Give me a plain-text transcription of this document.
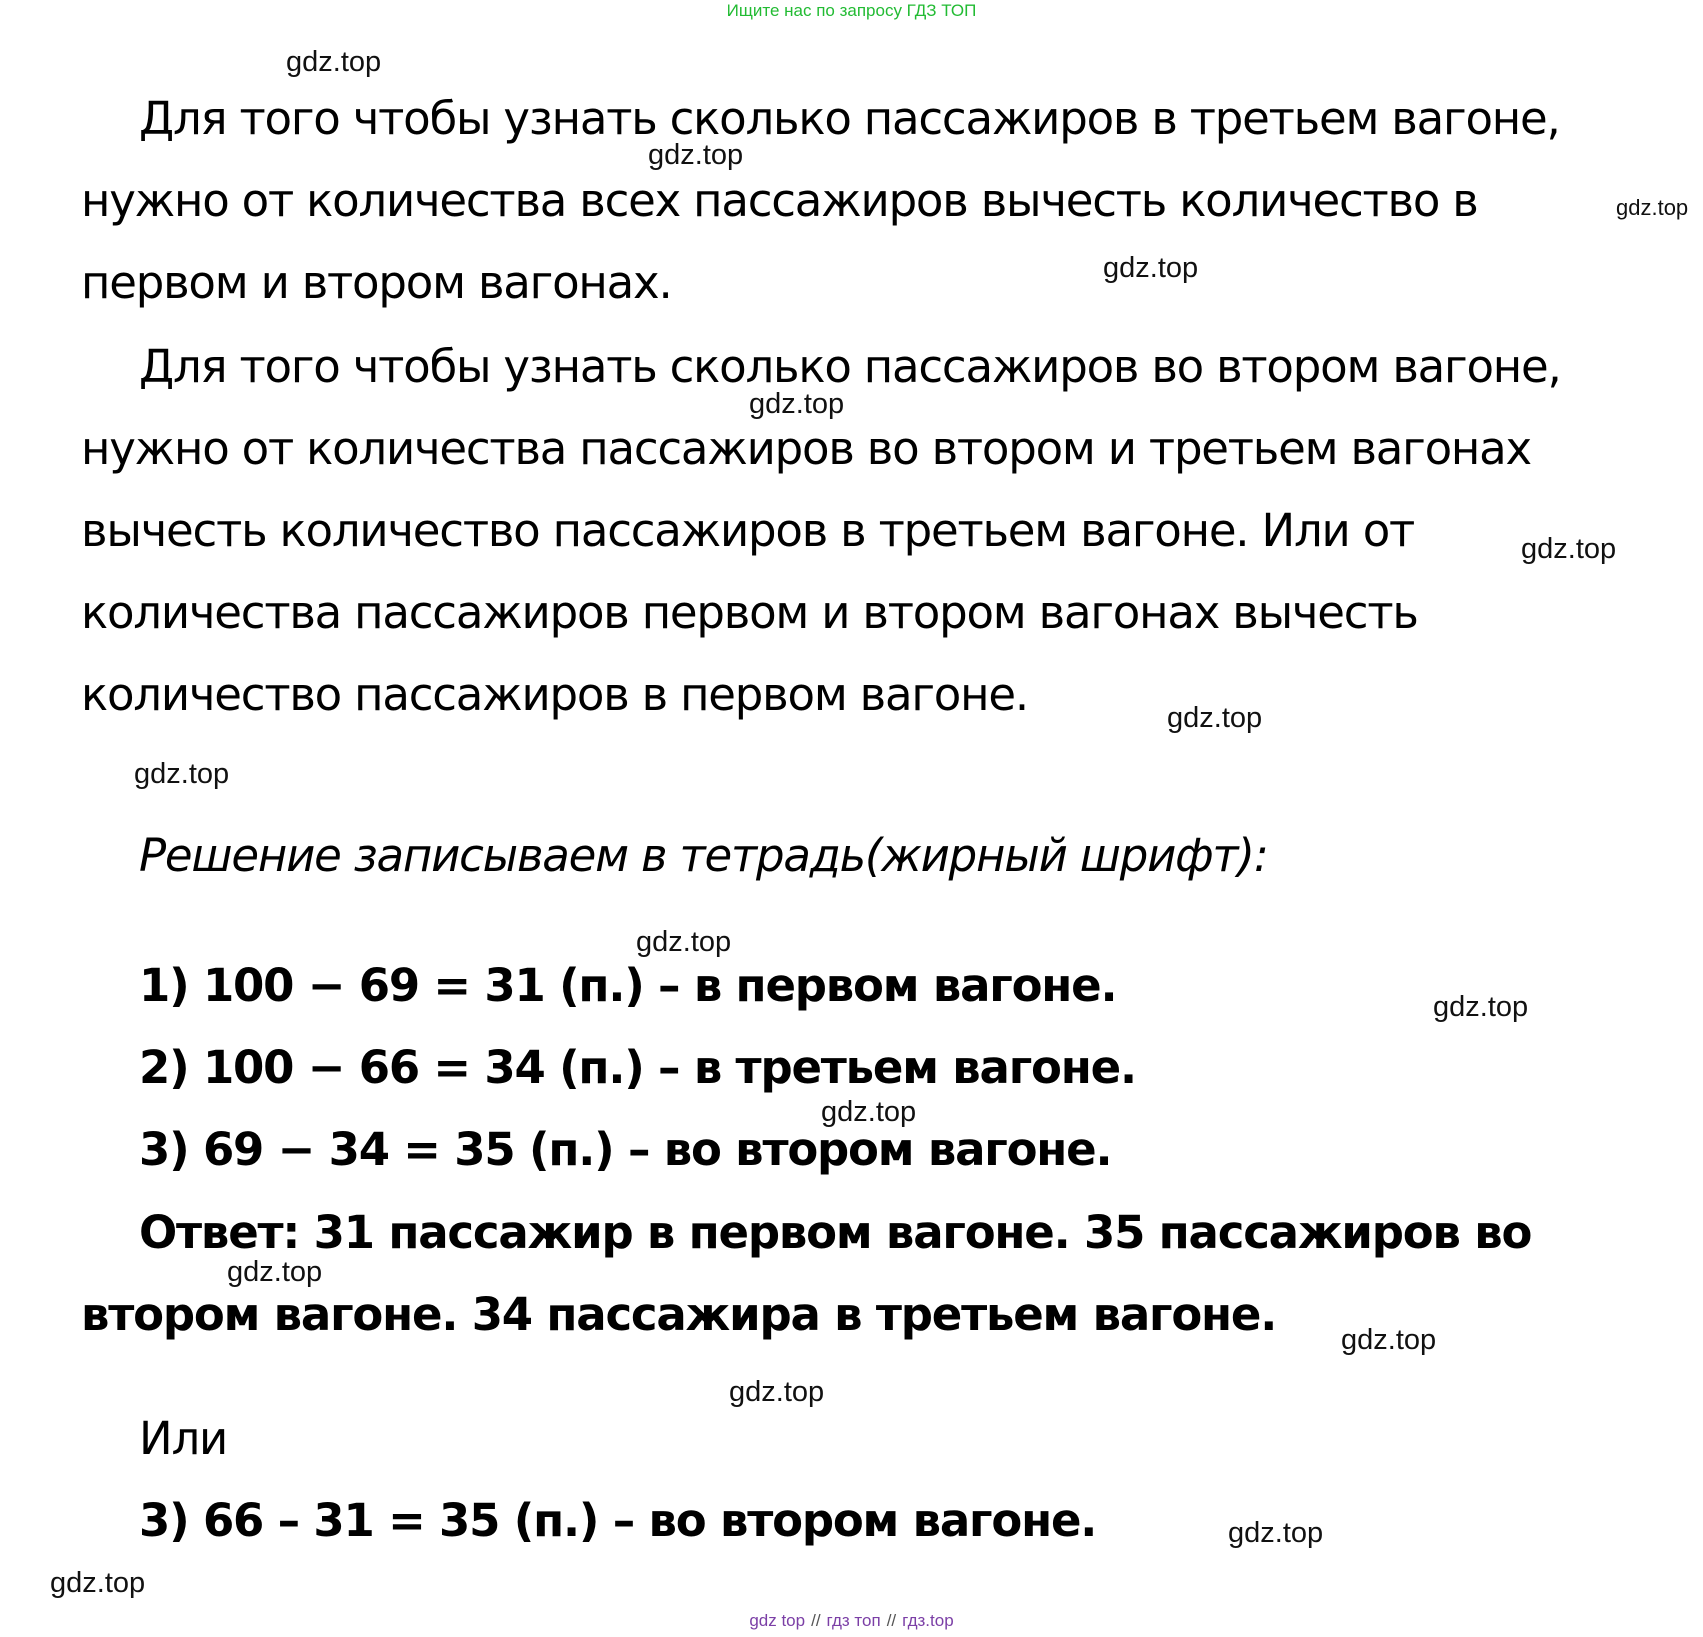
Ищите нас по запросу ГДЗ ТОП
Для того чтобы узнать сколько пассажиров в третьем вагоне,
нужно от количества всех пассажиров вычесть количество в
первом и втором вагонах.
Для того чтобы узнать сколько пассажиров во втором вагоне,
нужно от количества пассажиров во втором и третьем вагонах
вычесть количество пассажиров в третьем вагоне. Или от
количества пассажиров первом и втором вагонах вычесть
количество пассажиров в первом вагоне.
Решение записываем в тетрадь(жирный шрифт):
1) 100 − 69 = 31 (п.) – в первом вагоне.
2) 100 − 66 = 34 (п.) – в третьем вагоне.
3) 69 − 34 = 35 (п.) – во втором вагоне.
Ответ: 31 пассажир в первом вагоне. 35 пассажиров во
втором вагоне. 34 пассажира в третьем вагоне.
Или
3) 66 – 31 = 35 (п.) – во втором вагоне.
gdz.top
gdz.top
gdz.top
gdz.top
gdz.top
gdz.top
gdz.top
gdz.top
gdz.top
gdz.top
gdz.top
gdz.top
gdz.top
gdz.top
gdz.top
gdz.top
gdz top // гдз топ // гдз.top
